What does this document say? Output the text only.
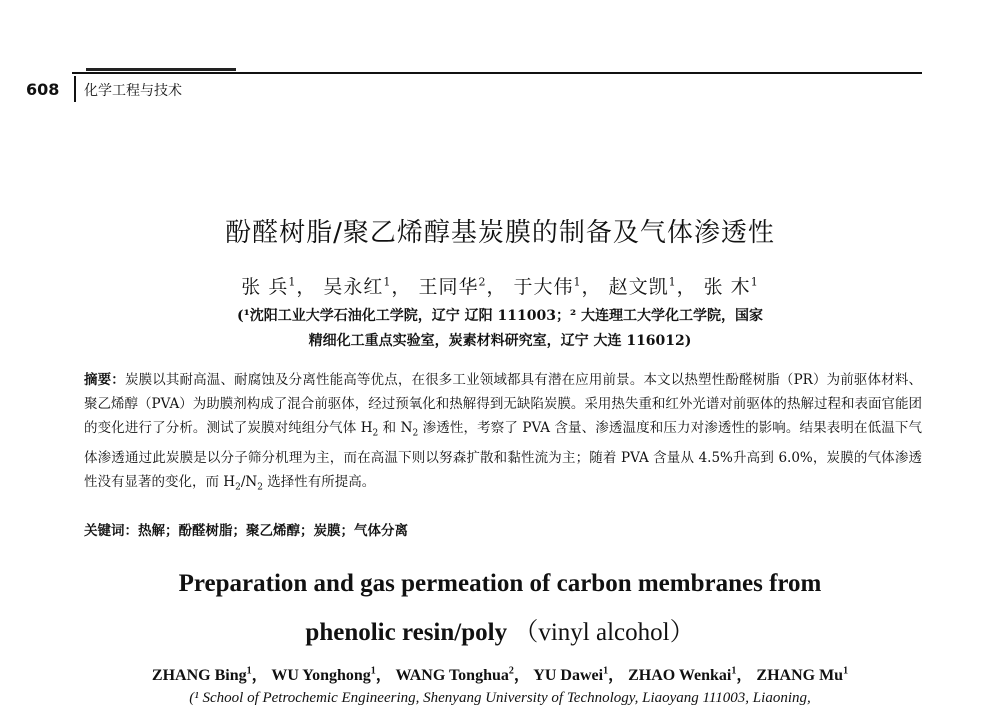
608 化学工程与技术
酚醛树脂/聚乙烯醇基炭膜的制备及气体渗透性
张 兵$^1$， 吴永红$^1$， 王同华$^2$， 于大伟$^1$， 赵文凯$^1$， 张 木$^1$
(¹沈阳工业大学石油化工学院，辽宁 辽阳 111003；² 大连理工大学化工学院，国家
精细化工重点实验室，炭素材料研究室，辽宁 大连 116012)
摘要：炭膜以其耐高温、耐腐蚀及分离性能高等优点，在很多工业领域都具有潜在应用前景。本文以热塑性酚醛树脂（PR）为前驱体材料、聚乙烯醇（PVA）为助膜剂构成了混合前驱体，经过预氧化和热解得到无缺陷炭膜。采用热失重和红外光谱对前驱体的热解过程和表面官能团的变化进行了分析。测试了炭膜对纯组分气体 $H_2$ 和 $N_2$ 渗透性，考察了 PVA 含量、渗透温度和压力对渗透性的影响。结果表明在低温下气体渗透通过此炭膜是以分子筛分机理为主，而在高温下则以努森扩散和黏性流为主；随着 PVA 含量从 4.5%升高到 6.0%，炭膜的气体渗透性没有显著的变化，而 $H_2/N_2$ 选择性有所提高。
关键词：热解；酚醛树脂；聚乙烯醇；炭膜；气体分离
Preparation and gas permeation of carbon membranes from
phenolic resin/poly （vinyl alcohol）
ZHANG Bing$^1$， WU Yonghong$^1$， WANG Tonghua$^2$， YU Dawei$^1$， ZHAO Wenkai$^1$， ZHANG Mu$^1$
(¹ School of Petrochemic Engineering, Shenyang University of Technology, Liaoyang 111003, Liaoning,
